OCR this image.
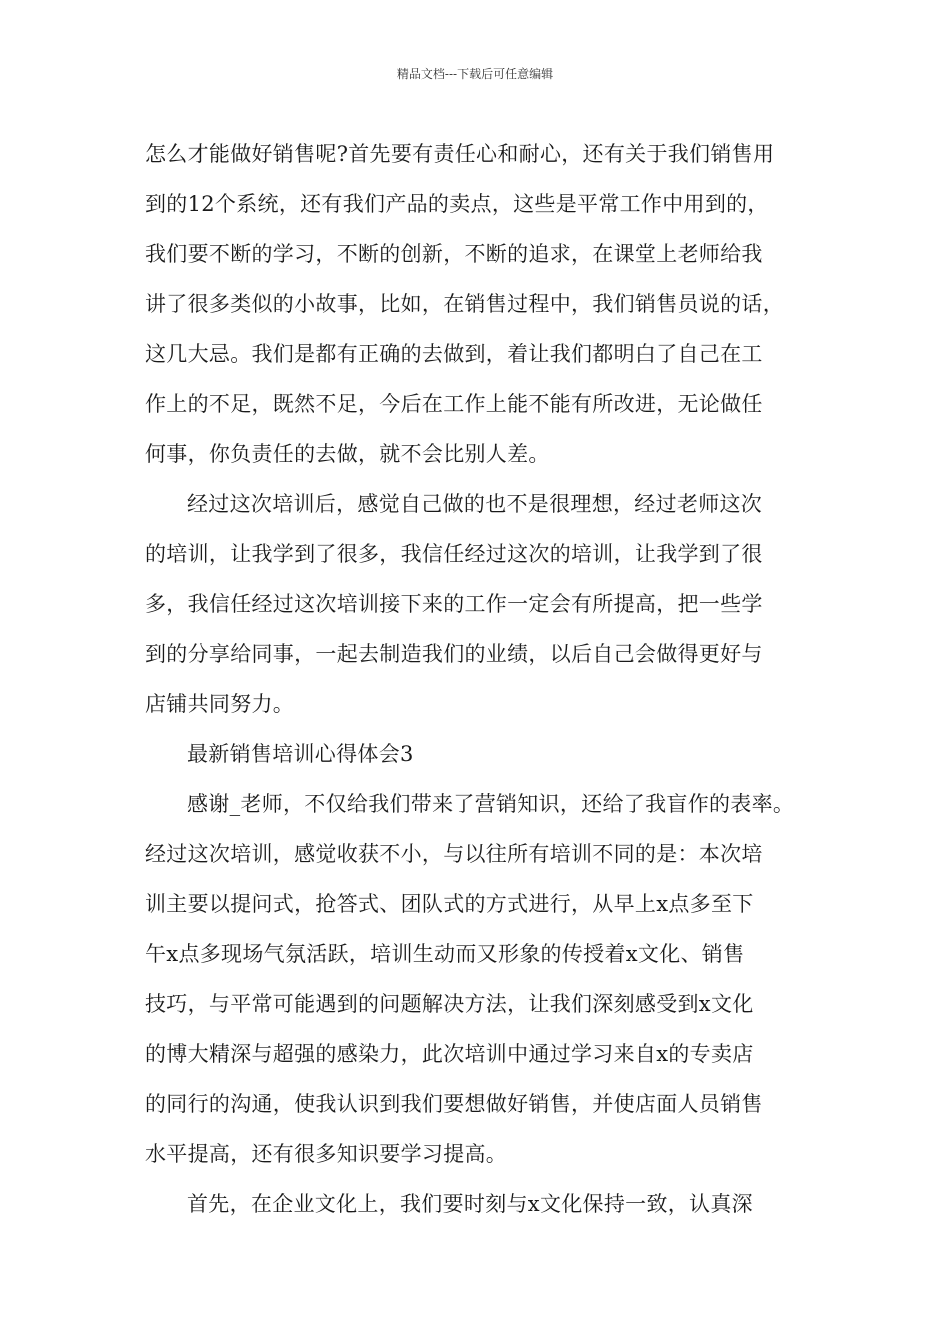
精品文档---下载后可任意编辑
怎么才能做好销售呢?首先要有责任心和耐心，还有关于我们销售用
到的12个系统，还有我们产品的卖点，这些是平常工作中用到的，
我们要不断的学习，不断的创新，不断的追求，在课堂上老师给我
讲了很多类似的小故事，比如，在销售过程中，我们销售员说的话，
这几大忌。我们是都有正确的去做到，着让我们都明白了自己在工
作上的不足，既然不足，今后在工作上能不能有所改进，无论做任
何事，你负责任的去做，就不会比别人差。
经过这次培训后，感觉自己做的也不是很理想，经过老师这次
的培训，让我学到了很多，我信任经过这次的培训，让我学到了很
多，我信任经过这次培训接下来的工作一定会有所提高，把一些学
到的分享给同事，一起去制造我们的业绩，以后自己会做得更好与
店铺共同努力。
最新销售培训心得体会3
感谢_老师，不仅给我们带来了营销知识，还给了我盲作的表率。
经过这次培训，感觉收获不小，与以往所有培训不同的是：本次培
训主要以提问式，抢答式、团队式的方式进行，从早上x点多至下
午x点多现场气氛活跃，培训生动而又形象的传授着x文化、销售
技巧，与平常可能遇到的问题解决方法，让我们深刻感受到x文化
的博大精深与超强的感染力，此次培训中通过学习来自x的专卖店
的同行的沟通，使我认识到我们要想做好销售，并使店面人员销售
水平提高，还有很多知识要学习提高。
首先，在企业文化上，我们要时刻与x文化保持一致，认真深
